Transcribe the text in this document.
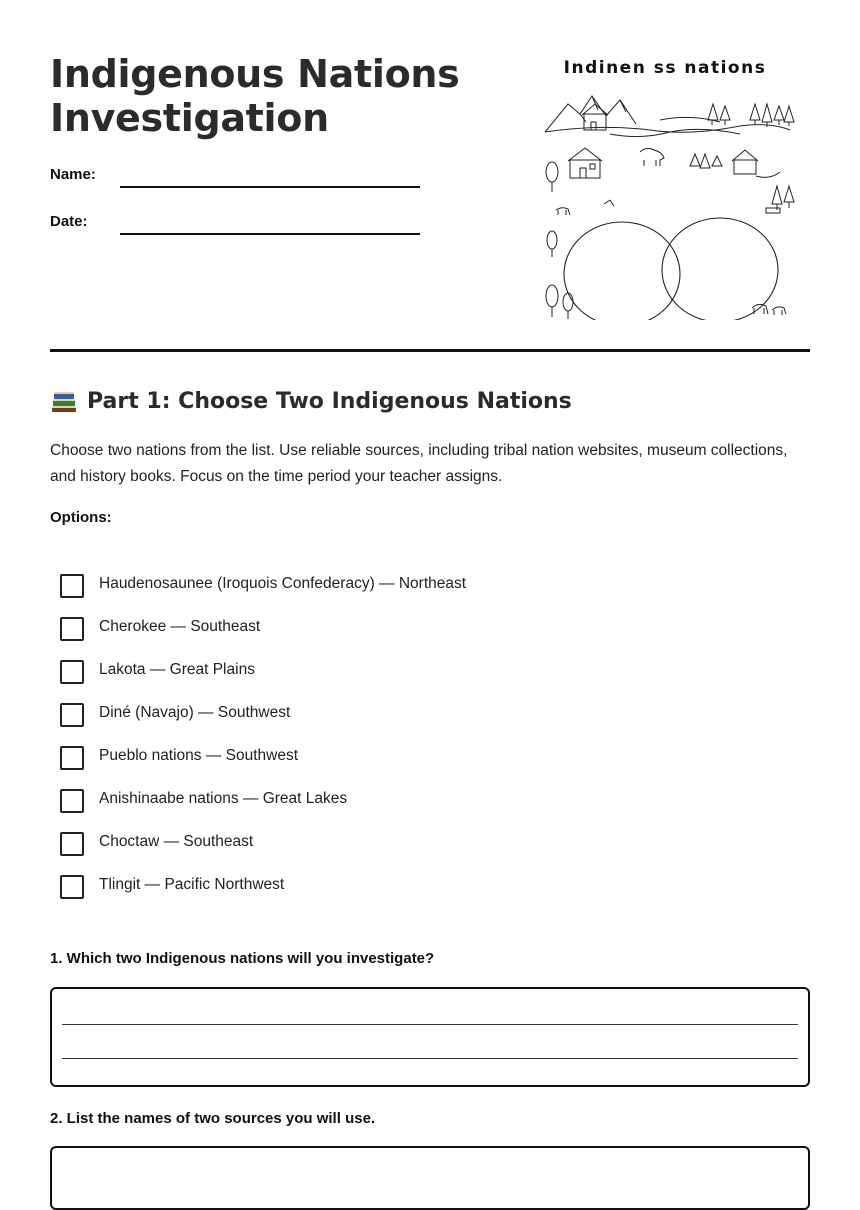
Indigenous Nations Investigation
Name:
Date:
Indinen ss nations
Part 1: Choose Two Indigenous Nations

Choose two nations from the list. Use reliable sources, including tribal nation websites, museum collections, and history books. Focus on the time period your teacher assigns.

Options:
Haudenosaunee (Iroquois Confederacy) — Northeast
Cherokee — Southeast
Lakota — Great Plains
Diné (Navajo) — Southwest
Pueblo nations — Southwest
Anishinaabe nations — Great Lakes
Choctaw — Southeast
Tlingit — Pacific Northwest
1. Which two Indigenous nations will you investigate?
2. List the names of two sources you will use.
